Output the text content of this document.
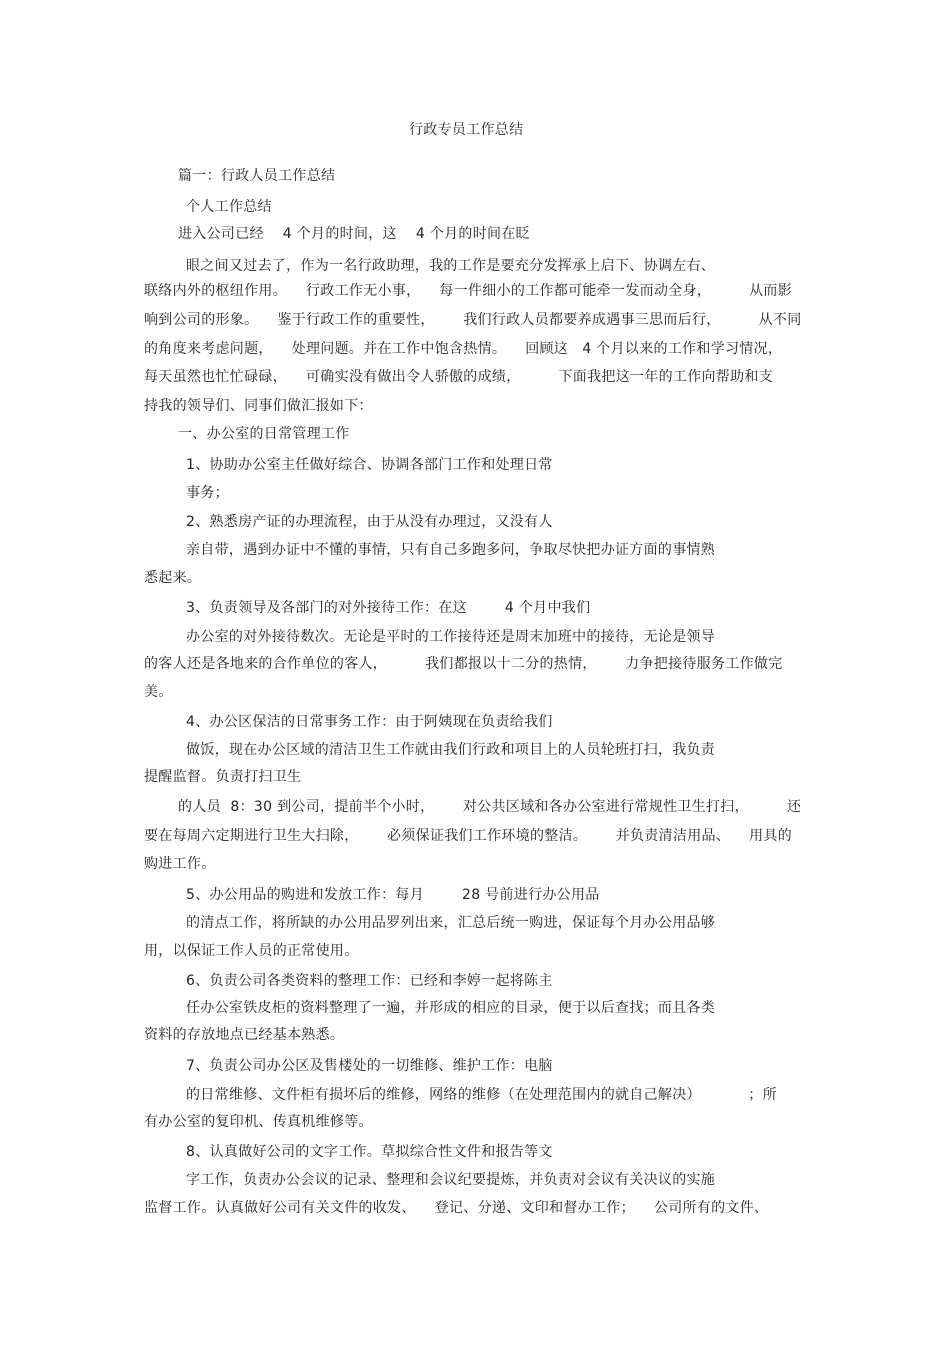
行政专员工作总结
篇一：行政人员工作总结
个人工作总结
进入公司已经    4 个月的时间，这    4 个月的时间在眨
眼之间又过去了，作为一名行政助理，我的工作是要充分发挥承上启下、协调左右、
联络内外的枢纽作用。    行政工作无小事，    每一件细小的工作都可能牵一发而动全身，        从而影
响到公司的形象。    鉴于行政工作的重要性，      我们行政人员都要养成遇事三思而后行，        从不同
的角度来考虑问题，    处理问题。并在工作中饱含热情。    回顾这   4 个月以来的工作和学习情况，
每天虽然也忙忙碌碌，    可确实没有做出令人骄傲的成绩，        下面我把这一年的工作向帮助和支
持我的领导们、同事们做汇报如下：
一、办公室的日常管理工作
1、协助办公室主任做好综合、协调各部门工作和处理日常
事务；
2、熟悉房产证的办理流程，由于从没有办理过，又没有人
亲自带，遇到办证中不懂的事情，只有自己多跑多问，争取尽快把办证方面的事情熟
悉起来。
3、负责领导及各部门的对外接待工作：在这        4 个月中我们
办公室的对外接待数次。无论是平时的工作接待还是周末加班中的接待，无论是领导
的客人还是各地来的合作单位的客人，        我们都报以十二分的热情，      力争把接待服务工作做完
美。
4、办公区保洁的日常事务工作：由于阿姨现在负责给我们
做饭，现在办公区域的清洁卫生工作就由我们行政和项目上的人员轮班打扫，我负责
提醒监督。负责打扫卫生
的人员  8：30 到公司，提前半个小时，      对公共区域和各办公室进行常规性卫生打扫，        还
要在每周六定期进行卫生大扫除，      必须保证我们工作环境的整洁。      并负责清洁用品、    用具的
购进工作。
5、办公用品的购进和发放工作：每月        28 号前进行办公用品
的清点工作，将所缺的办公用品罗列出来，汇总后统一购进，保证每个月办公用品够
用，以保证工作人员的正常使用。
6、负责公司各类资料的整理工作：已经和李婷一起将陈主
任办公室铁皮柜的资料整理了一遍，并形成的相应的目录，便于以后查找；而且各类
资料的存放地点已经基本熟悉。
7、负责公司办公区及售楼处的一切维修、维护工作：电脑
的日常维修、文件柜有损坏后的维修，网络的维修（在处理范围内的就自己解决）          ；所
有办公室的复印机、传真机维修等。
8、认真做好公司的文字工作。草拟综合性文件和报告等文
字工作，负责办公会议的记录、整理和会议纪要提炼，并负责对会议有关决议的实施
监督工作。认真做好公司有关文件的收发、    登记、分递、文印和督办工作；    公司所有的文件、
